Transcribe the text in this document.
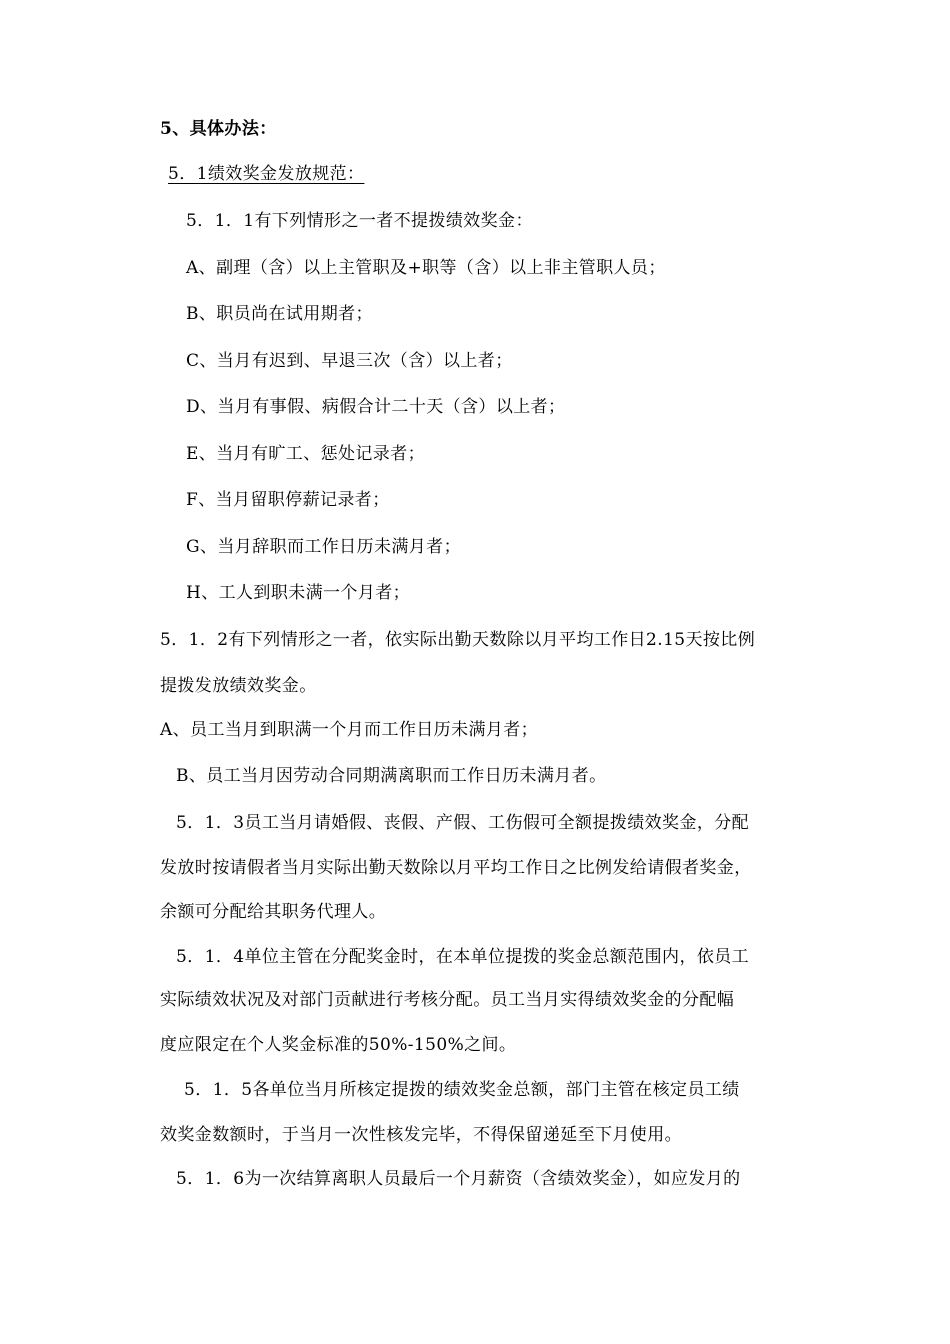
5、具体办法：
5．1绩效奖金发放规范：
5．1．1有下列情形之一者不提拨绩效奖金：
A、副理（含）以上主管职及+职等（含）以上非主管职人员；
B、职员尚在试用期者；
C、当月有迟到、早退三次（含）以上者；
D、当月有事假、病假合计二十天（含）以上者；
E、当月有旷工、惩处记录者；
F、当月留职停薪记录者；
G、当月辞职而工作日历未满月者；
H、工人到职未满一个月者；
5．1．2有下列情形之一者，依实际出勤天数除以月平均工作日2.15天按比例
提拨发放绩效奖金。
A、员工当月到职满一个月而工作日历未满月者；
B、员工当月因劳动合同期满离职而工作日历未满月者。
5．1．3员工当月请婚假、丧假、产假、工伤假可全额提拨绩效奖金，分配
发放时按请假者当月实际出勤天数除以月平均工作日之比例发给请假者奖金，
余额可分配给其职务代理人。
5．1．4单位主管在分配奖金时，在本单位提拨的奖金总额范围内，依员工
实际绩效状况及对部门贡献进行考核分配。员工当月实得绩效奖金的分配幅
度应限定在个人奖金标准的50%-150%之间。
5．1．5各单位当月所核定提拨的绩效奖金总额，部门主管在核定员工绩
效奖金数额时，于当月一次性核发完毕，不得保留递延至下月使用。
5．1．6为一次结算离职人员最后一个月薪资（含绩效奖金），如应发月的
